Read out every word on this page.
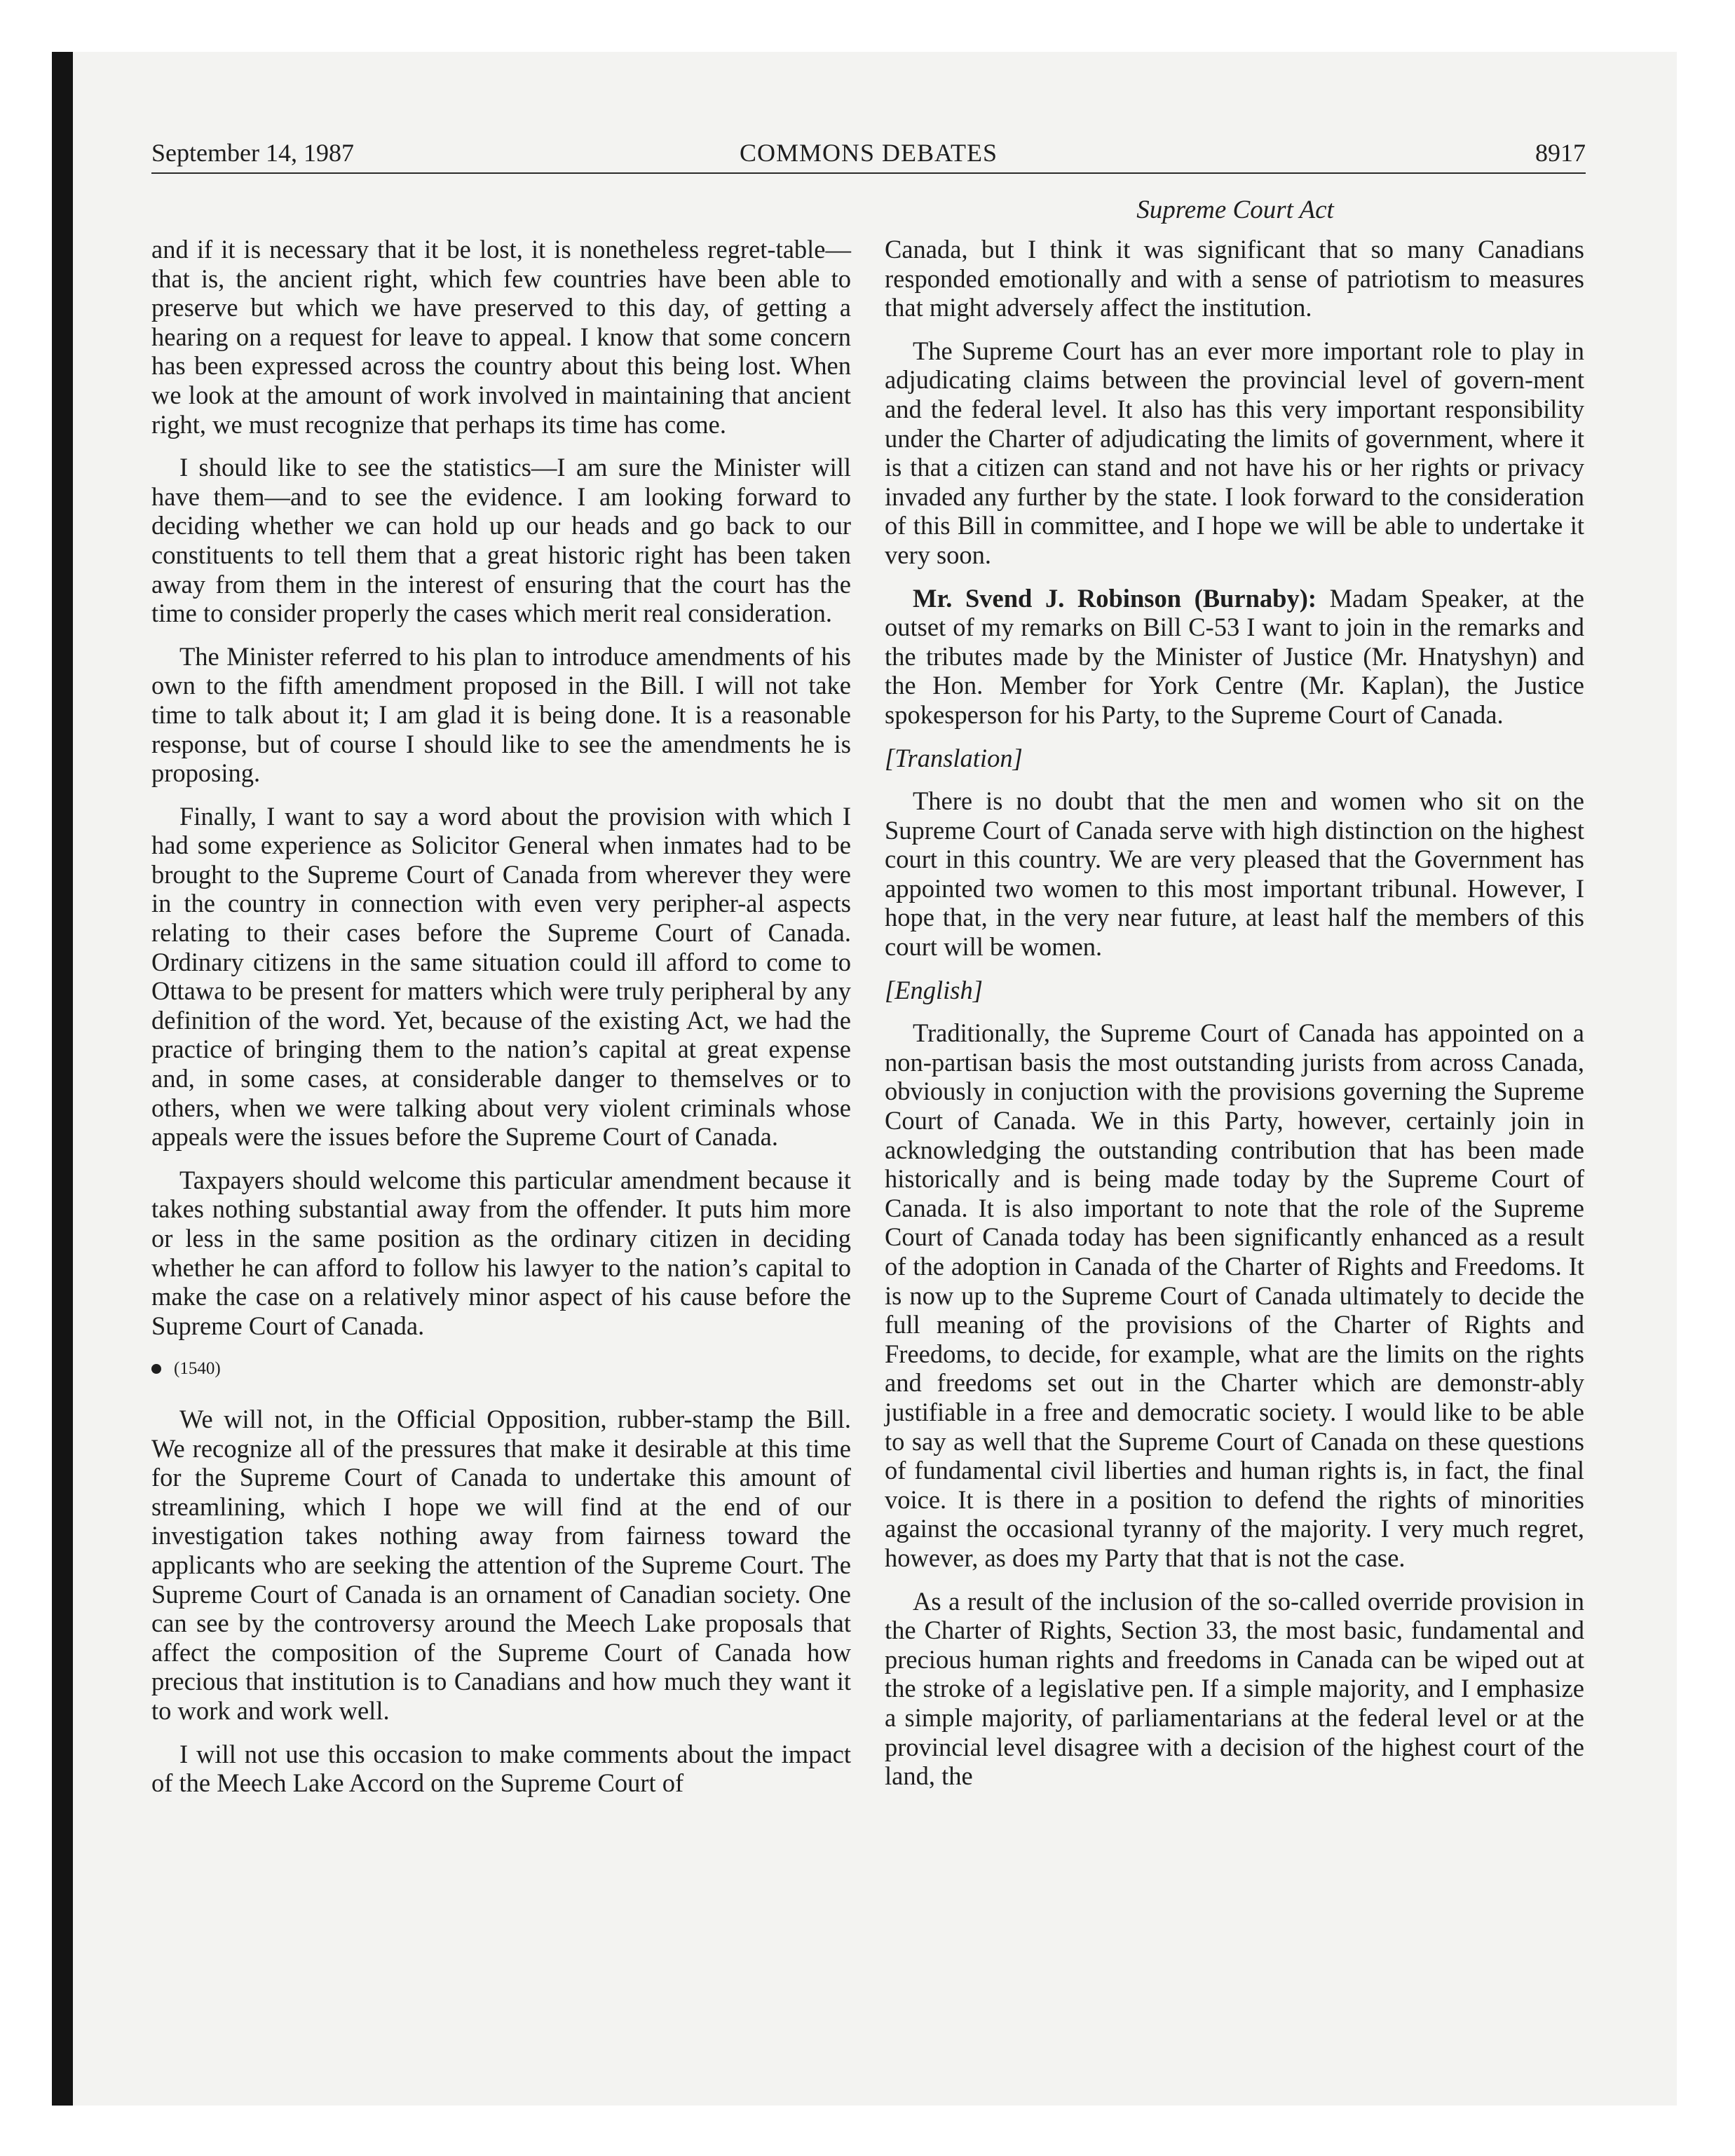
September 14, 1987	COMMONS DEBATES	8917
Supreme Court Act

and if it is necessary that it be lost, it is nonetheless regret-table—that is, the ancient right, which few countries have been able to preserve but which we have preserved to this day, of getting a hearing on a request for leave to appeal. I know that some concern has been expressed across the country about this being lost. When we look at the amount of work involved in maintaining that ancient right, we must recognize that perhaps its time has come.

I should like to see the statistics—I am sure the Minister will have them—and to see the evidence. I am looking forward to deciding whether we can hold up our heads and go back to our constituents to tell them that a great historic right has been taken away from them in the interest of ensuring that the court has the time to consider properly the cases which merit real consideration.

The Minister referred to his plan to introduce amendments of his own to the fifth amendment proposed in the Bill. I will not take time to talk about it; I am glad it is being done. It is a reasonable response, but of course I should like to see the amendments he is proposing.

Finally, I want to say a word about the provision with which I had some experience as Solicitor General when inmates had to be brought to the Supreme Court of Canada from wherever they were in the country in connection with even very peripher-al aspects relating to their cases before the Supreme Court of Canada. Ordinary citizens in the same situation could ill afford to come to Ottawa to be present for matters which were truly peripheral by any definition of the word. Yet, because of the existing Act, we had the practice of bringing them to the nation’s capital at great expense and, in some cases, at considerable danger to themselves or to others, when we were talking about very violent criminals whose appeals were the issues before the Supreme Court of Canada.

Taxpayers should welcome this particular amendment because it takes nothing substantial away from the offender. It puts him more or less in the same position as the ordinary citizen in deciding whether he can afford to follow his lawyer to the nation’s capital to make the case on a relatively minor aspect of his cause before the Supreme Court of Canada.

(1540)

We will not, in the Official Opposition, rubber-stamp the Bill. We recognize all of the pressures that make it desirable at this time for the Supreme Court of Canada to undertake this amount of streamlining, which I hope we will find at the end of our investigation takes nothing away from fairness toward the applicants who are seeking the attention of the Supreme Court. The Supreme Court of Canada is an ornament of Canadian society. One can see by the controversy around the Meech Lake proposals that affect the composition of the Supreme Court of Canada how precious that institution is to Canadians and how much they want it to work and work well.

I will not use this occasion to make comments about the impact of the Meech Lake Accord on the Supreme Court of

Canada, but I think it was significant that so many Canadians responded emotionally and with a sense of patriotism to measures that might adversely affect the institution.

The Supreme Court has an ever more important role to play in adjudicating claims between the provincial level of govern-ment and the federal level. It also has this very important responsibility under the Charter of adjudicating the limits of government, where it is that a citizen can stand and not have his or her rights or privacy invaded any further by the state. I look forward to the consideration of this Bill in committee, and I hope we will be able to undertake it very soon.

Mr. Svend J. Robinson (Burnaby): Madam Speaker, at the outset of my remarks on Bill C-53 I want to join in the remarks and the tributes made by the Minister of Justice (Mr. Hnatyshyn) and the Hon. Member for York Centre (Mr. Kaplan), the Justice spokesperson for his Party, to the Supreme Court of Canada.

[Translation]

There is no doubt that the men and women who sit on the Supreme Court of Canada serve with high distinction on the highest court in this country. We are very pleased that the Government has appointed two women to this most important tribunal. However, I hope that, in the very near future, at least half the members of this court will be women.

[English]

Traditionally, the Supreme Court of Canada has appointed on a non-partisan basis the most outstanding jurists from across Canada, obviously in conjuction with the provisions governing the Supreme Court of Canada. We in this Party, however, certainly join in acknowledging the outstanding contribution that has been made historically and is being made today by the Supreme Court of Canada. It is also important to note that the role of the Supreme Court of Canada today has been significantly enhanced as a result of the adoption in Canada of the Charter of Rights and Freedoms. It is now up to the Supreme Court of Canada ultimately to decide the full meaning of the provisions of the Charter of Rights and Freedoms, to decide, for example, what are the limits on the rights and freedoms set out in the Charter which are demonstr-ably justifiable in a free and democratic society. I would like to be able to say as well that the Supreme Court of Canada on these questions of fundamental civil liberties and human rights is, in fact, the final voice. It is there in a position to defend the rights of minorities against the occasional tyranny of the majority. I very much regret, however, as does my Party that that is not the case.

As a result of the inclusion of the so-called override provision in the Charter of Rights, Section 33, the most basic, fundamental and precious human rights and freedoms in Canada can be wiped out at the stroke of a legislative pen. If a simple majority, and I emphasize a simple majority, of parliamentarians at the federal level or at the provincial level disagree with a decision of the highest court of the land, the
